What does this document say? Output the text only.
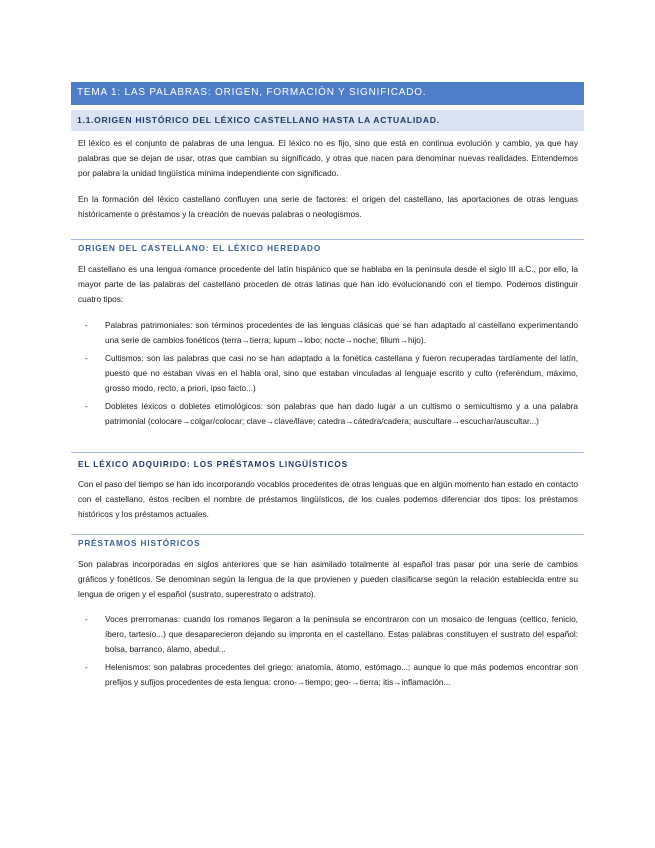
TEMA 1: LAS PALABRAS: ORIGEN, FORMACIÓN Y SIGNIFICADO.
1.1.ORIGEN HISTÓRICO DEL LÉXICO CASTELLANO HASTA LA ACTUALIDAD.

El léxico es el conjunto de palabras de una lengua. El léxico no es fijo, sino que está en continua evolución y cambio, ya que hay palabras que se dejan de usar, otras que cambian su significado, y otras que nacen para denominar nuevas realidades. Entendemos por palabra la unidad lingüística mínima independiente con significado.

En la formación del léxico castellano confluyen una serie de factores: el origen del castellano, las aportaciones de otras lenguas históricamente o préstamos y la creación de nuevas palabras o neologismos.

ORIGEN DEL CASTELLANO: EL LÉXICO HEREDADO

El castellano es una lengua romance procedente del latín hispánico que se hablaba en la península desde el siglo III a.C., por ello, la mayor parte de las palabras del castellano proceden de otras latinas que han ido evolucionando con el tiempo. Podemos distinguir cuatro tipos:

- Palabras patrimoniales: son términos procedentes de las lenguas clásicas que se han adaptado al castellano experimentando una serie de cambios fonéticos (terra→tierra; lupum→lobo; nocte→noche; filium→hijo).
- Cultismos: son las palabras que casi no se han adaptado a la fonética castellana y fueron recuperadas tardíamente del latín, puesto que no estaban vivas en el habla oral, sino que estaban vinculadas al lenguaje escrito y culto (referéndum, máximo, grosso modo, recto, a priori, ipso facto...)
- Dobletes léxicos o dobletes etimológicos: son palabras que han dado lugar a un cultismo o semicultismo y a una palabra patrimonial (colocare→colgar/colocar; clave→clave/llave; catedra→cátedra/cadera; auscultare→escuchar/auscultar...)

EL LÉXICO ADQUIRIDO: LOS PRÉSTAMOS LINGÜÍSTICOS

Con el paso del tiempo se han ido incorporando vocablos procedentes de otras lenguas que en algún momento han estado en contacto con el castellano, éstos reciben el nombre de préstamos lingüísticos, de los cuales podemos diferenciar dos tipos: los préstamos históricos y los préstamos actuales.

PRÉSTAMOS HISTÓRICOS

Son palabras incorporadas en siglos anteriores que se han asimilado totalmente al español tras pasar por una serie de cambios gráficos y fonéticos. Se denominan según la lengua de la que provienen y pueden clasificarse según la relación establecida entre su lengua de origen y el español (sustrato, superestrato o adstrato).

- Voces prerromanas: cuando los romanos llegaron a la península se encontraron con un mosaico de lenguas (celtico, fenicio, íbero, tartesio...) que desaparecieron dejando su impronta en el castellano. Estas palabras constituyen el sustrato del español: bolsa, barranco, álamo, abedul...
- Helenismos: son palabras procedentes del griego: anatomía, átomo, estómago...; aunque lo que más podemos encontrar son prefijos y sufijos procedentes de esta lengua: crono-→tiempo; geo-→tierra; itis→inflamación...
